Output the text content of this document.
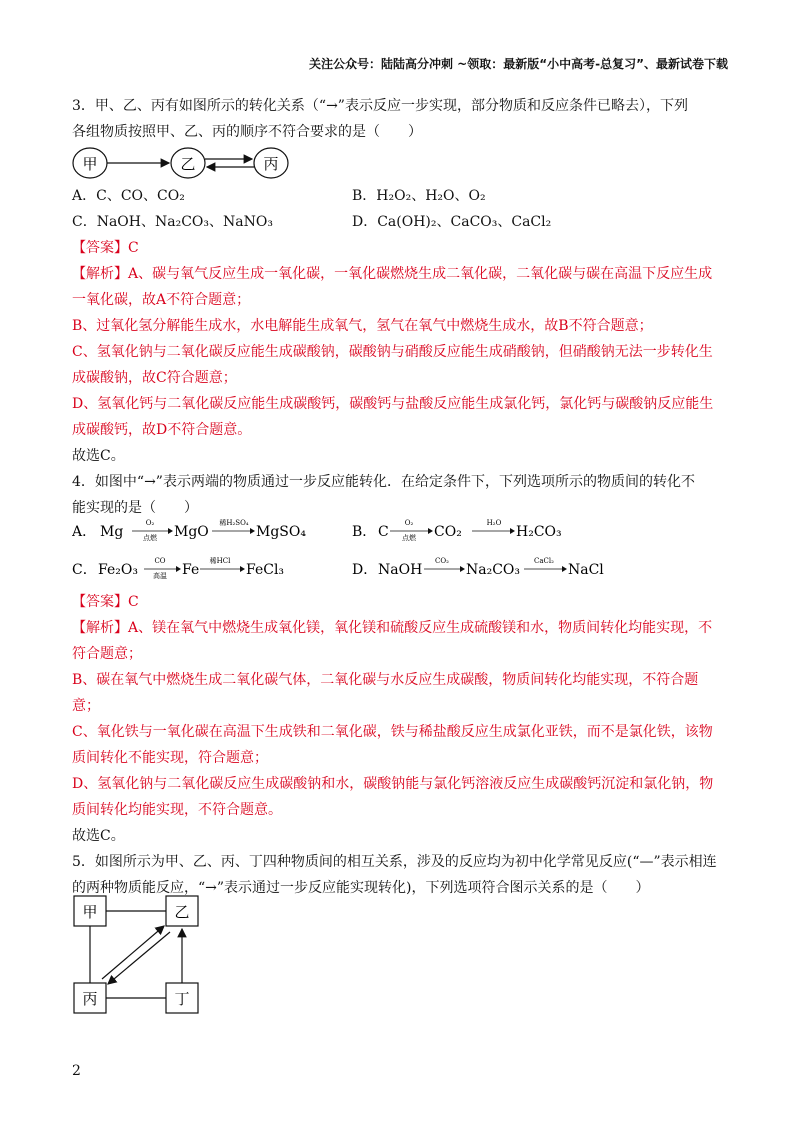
关注公众号：陆陆高分冲刺 ~领取：最新版“小中高考-总复习”、最新试卷下载
3．甲、乙、丙有如图所示的转化关系（“→”表示反应一步实现，部分物质和反应条件已略去），下列
各组物质按照甲、乙、丙的顺序不符合要求的是（　　）
甲	乙	丙
A．C、CO、CO₂	B．H₂O₂、H₂O、O₂
C．NaOH、Na₂CO₃、NaNO₃	D．Ca(OH)₂、CaCO₃、CaCl₂
【答案】C
【解析】A、碳与氧气反应生成一氧化碳，一氧化碳燃烧生成二氧化碳，二氧化碳与碳在高温下反应生成
一氧化碳，故A不符合题意；
B、过氧化氢分解能生成水，水电解能生成氧气，氢气在氧气中燃烧生成水，故B不符合题意；
C、氢氧化钠与二氧化碳反应能生成碳酸钠，碳酸钠与硝酸反应能生成硝酸钠，但硝酸钠无法一步转化生
成碳酸钠，故C符合题意；
D、氢氧化钙与二氧化碳反应能生成碳酸钙，碳酸钙与盐酸反应能生成氯化钙，氯化钙与碳酸钠反应能生
成碳酸钙，故D不符合题意。
故选C。
4．如图中“→”表示两端的物质通过一步反应能转化．在给定条件下，下列选项所示的物质间的转化不
能实现的是（　　）
A． Mg
O₂
点燃 MgO
稀H₂SO₄
MgSO₄	B． C
O₂
点燃 CO₂
H₂O
H₂CO₃
C． Fe₂O₃
CO
高温 Fe
稀HCl
FeCl₃	D． NaOH
CO₂
Na₂CO₃
CaCl₂
NaCl
【答案】C
【解析】A、镁在氧气中燃烧生成氧化镁，氧化镁和硫酸反应生成硫酸镁和水，物质间转化均能实现，不
符合题意；
B、碳在氧气中燃烧生成二氧化碳气体，二氧化碳与水反应生成碳酸，物质间转化均能实现，不符合题
意；
C、氧化铁与一氧化碳在高温下生成铁和二氧化碳，铁与稀盐酸反应生成氯化亚铁，而不是氯化铁，该物
质间转化不能实现，符合题意；
D、氢氧化钠与二氧化碳反应生成碳酸钠和水，碳酸钠能与氯化钙溶液反应生成碳酸钙沉淀和氯化钠，物
质间转化均能实现，不符合题意。
故选C。
5．如图所示为甲、乙、丙、丁四种物质间的相互关系，涉及的反应均为初中化学常见反应(“—”表示相连
的两种物质能反应，“→”表示通过一步反应能实现转化)，下列选项符合图示关系的是（　　）
甲	乙
丙	丁
2
